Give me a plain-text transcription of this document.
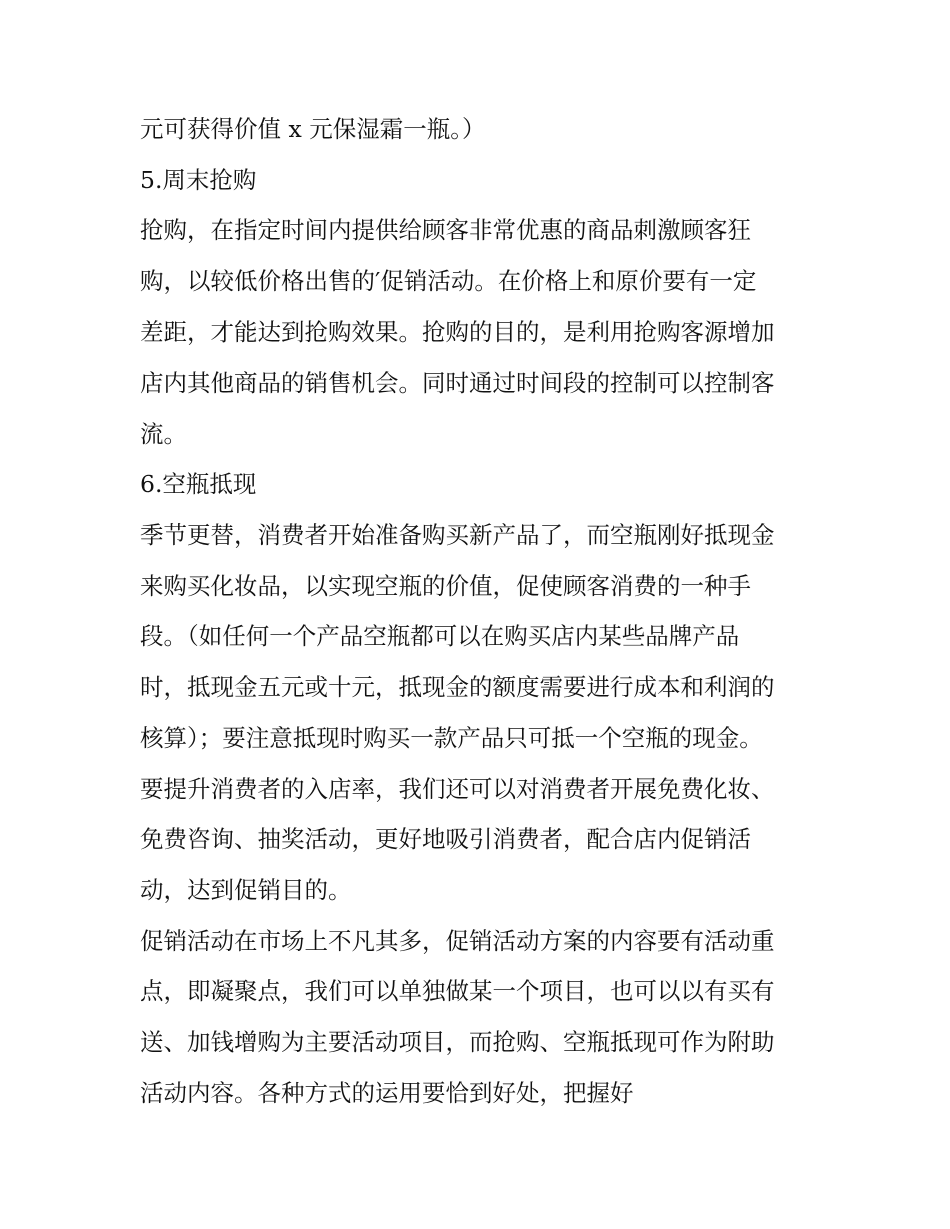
元可获得价值 x 元保湿霜一瓶。）
5.周末抢购
抢购，在指定时间内提供给顾客非常优惠的商品刺激顾客狂
购，以较低价格出售的′促销活动。在价格上和原价要有一定
差距，才能达到抢购效果。抢购的目的，是利用抢购客源增加
店内其他商品的销售机会。同时通过时间段的控制可以控制客
流。
6.空瓶抵现
季节更替，消费者开始准备购买新产品了，而空瓶刚好抵现金
来购买化妆品，以实现空瓶的价值，促使顾客消费的一种手
段。（如任何一个产品空瓶都可以在购买店内某些品牌产品
时，抵现金五元或十元，抵现金的额度需要进行成本和利润的
核算）；要注意抵现时购买一款产品只可抵一个空瓶的现金。
要提升消费者的入店率，我们还可以对消费者开展免费化妆、
免费咨询、抽奖活动，更好地吸引消费者，配合店内促销活
动，达到促销目的。
促销活动在市场上不凡其多，促销活动方案的内容要有活动重
点，即凝聚点，我们可以单独做某一个项目，也可以以有买有
送、加钱增购为主要活动项目，而抢购、空瓶抵现可作为附助
活动内容。各种方式的运用要恰到好处，把握好
